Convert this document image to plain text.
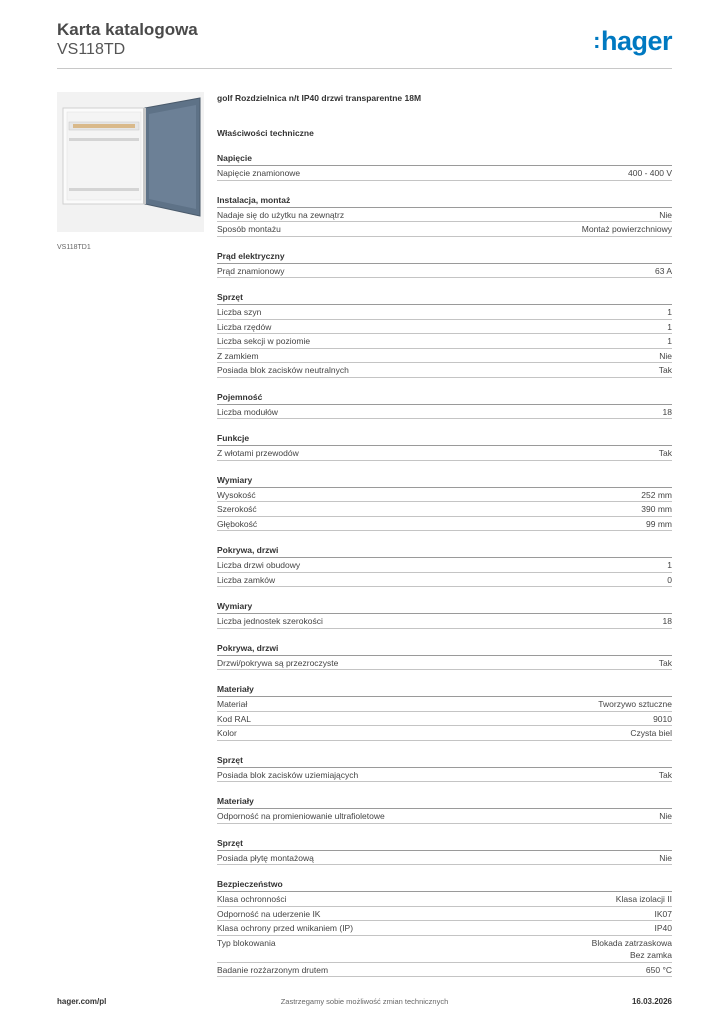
Karta katalogowa
VS118TD	:hager
VS118TD1
golf Rozdzielnica n/t IP40 drzwi transparentne 18M
Właściwości techniczne
Napięcie
Napięcie znamionowe	400 - 400 V
Instalacja, montaż
Nadaje się do użytku na zewnątrz	Nie
Sposób montażu	Montaż powierzchniowy
Prąd elektryczny
Prąd znamionowy	63 A
Sprzęt
Liczba szyn	1
Liczba rzędów	1
Liczba sekcji w poziomie	1
Z zamkiem	Nie
Posiada blok zacisków neutralnych	Tak
Pojemność
Liczba modułów	18
Funkcje
Z włotami przewodów	Tak
Wymiary
Wysokość	252 mm
Szerokość	390 mm
Głębokość	99 mm
Pokrywa, drzwi
Liczba drzwi obudowy	1
Liczba zamków	0
Wymiary
Liczba jednostek szerokości	18
Pokrywa, drzwi
Drzwi/pokrywa są przezroczyste	Tak
Materiały
Materiał	Tworzywo sztuczne
Kod RAL	9010
Kolor	Czysta biel
Sprzęt
Posiada blok zacisków uziemiających	Tak
Materiały
Odporność na promieniowanie ultrafioletowe	Nie
Sprzęt
Posiada płytę montażową	Nie
Bezpieczeństwo
Klasa ochronności	Klasa izolacji II
Odporność na uderzenie IK	IK07
Klasa ochrony przed wnikaniem (IP)	IP40
Typ blokowania	Blokada zatrzaskowa
Bez zamka
Badanie rozżarzonym drutem	650 °C
hager.com/pl	Zastrzegamy sobie możliwość zmian technicznych	16.03.2026
